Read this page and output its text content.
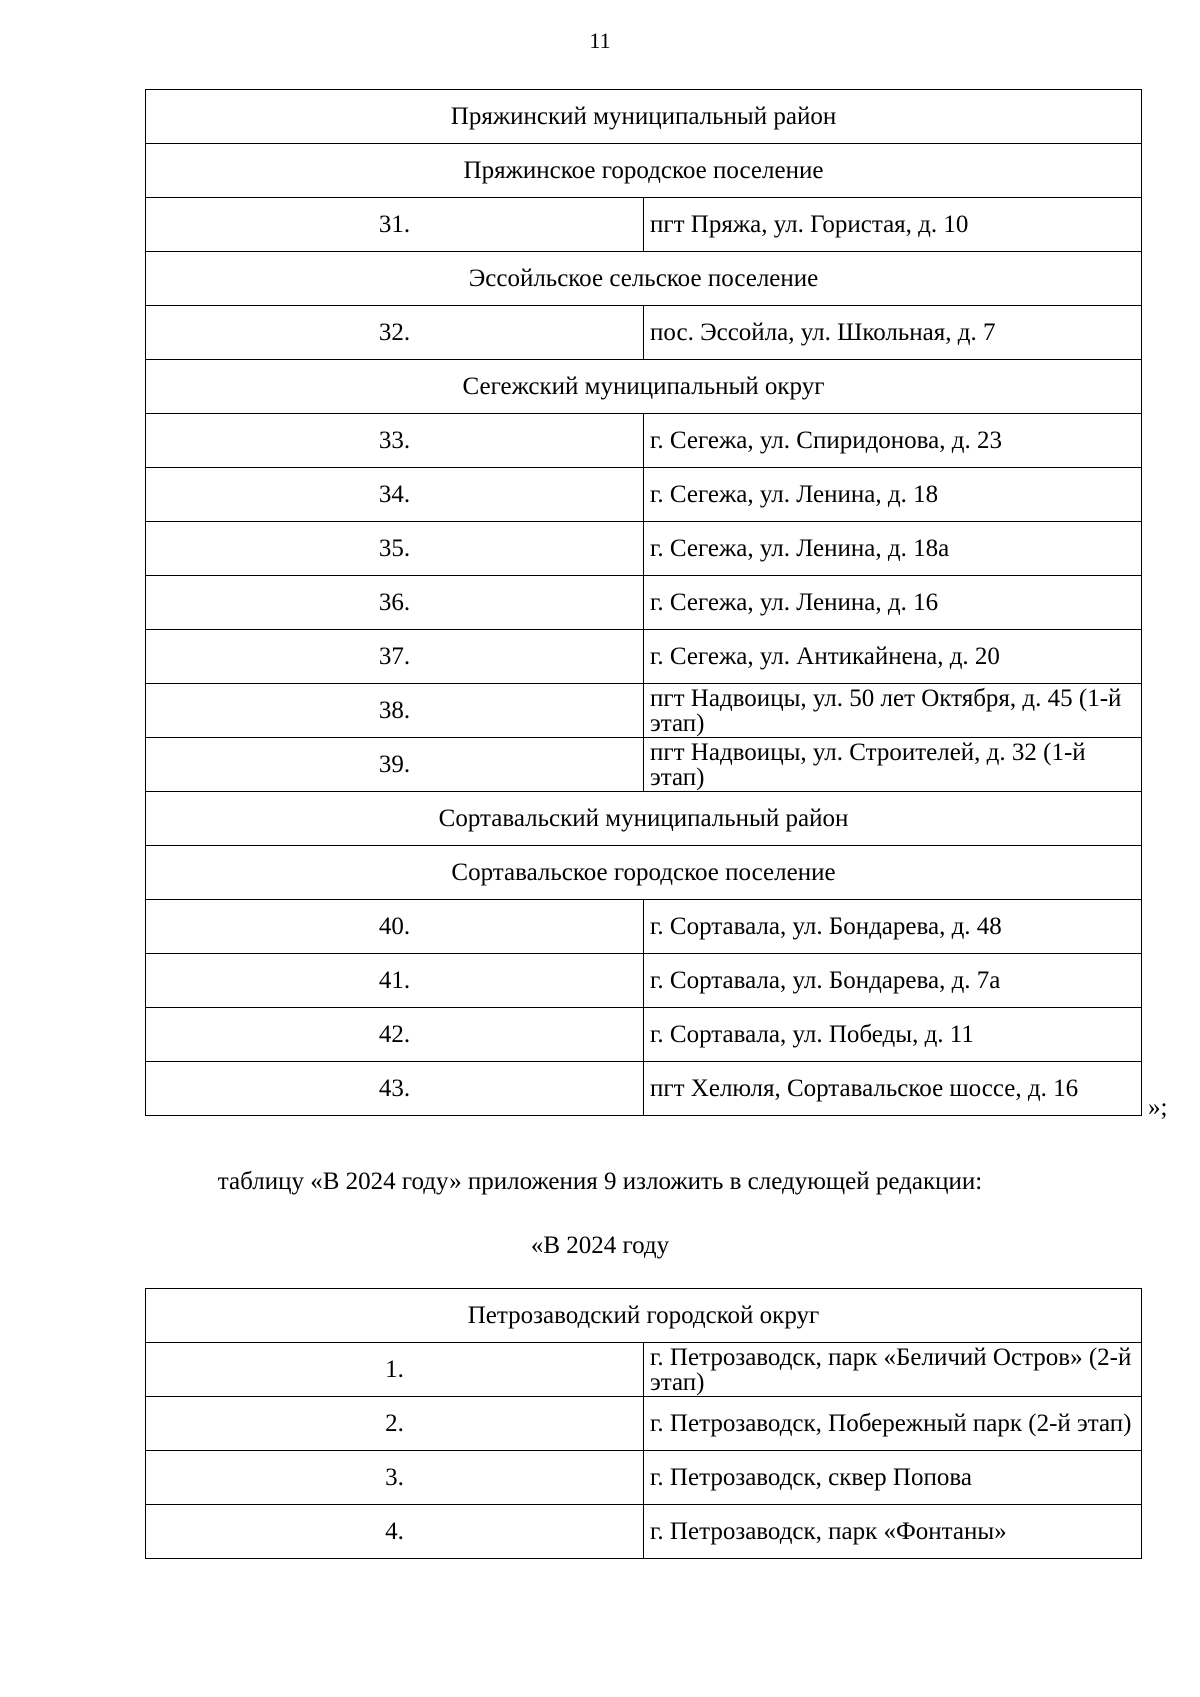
11
Пряжинский муниципальный район	
Пряжинское городское поселение	
31.	пгт Пряжа, ул. Гористая, д. 10
Эссойльское сельское поселение	
32.	пос. Эссойла, ул. Школьная, д. 7
Сегежский муниципальный округ	
33.	г. Сегежа, ул. Спиридонова, д. 23
34.	г. Сегежа, ул. Ленина, д. 18
35.	г. Сегежа, ул. Ленина, д. 18а
36.	г. Сегежа, ул. Ленина, д. 16
37.	г. Сегежа, ул. Антикайнена, д. 20
38.	пгт Надвоицы, ул. 50 лет Октября, д. 45 (1-й этап)
39.	пгт Надвоицы, ул. Строителей, д. 32 (1-й этап)
Сортавальский муниципальный район	
Сортавальское городское поселение	
40.	г. Сортавала, ул. Бондарева, д. 48
41.	г. Сортавала, ул. Бондарева, д. 7а
42.	г. Сортавала, ул. Победы, д. 11
43.	пгт Хелюля, Сортавальское шоссе, д. 16
»;
таблицу «В 2024 году» приложения 9 изложить в следующей редакции:
«В 2024 году
Петрозаводский городской округ	
1.	г. Петрозаводск, парк «Беличий Остров» (2-й этап)
2.	г. Петрозаводск, Побережный парк (2-й этап)
3.	г. Петрозаводск, сквер Попова
4.	г. Петрозаводск, парк «Фонтаны»
